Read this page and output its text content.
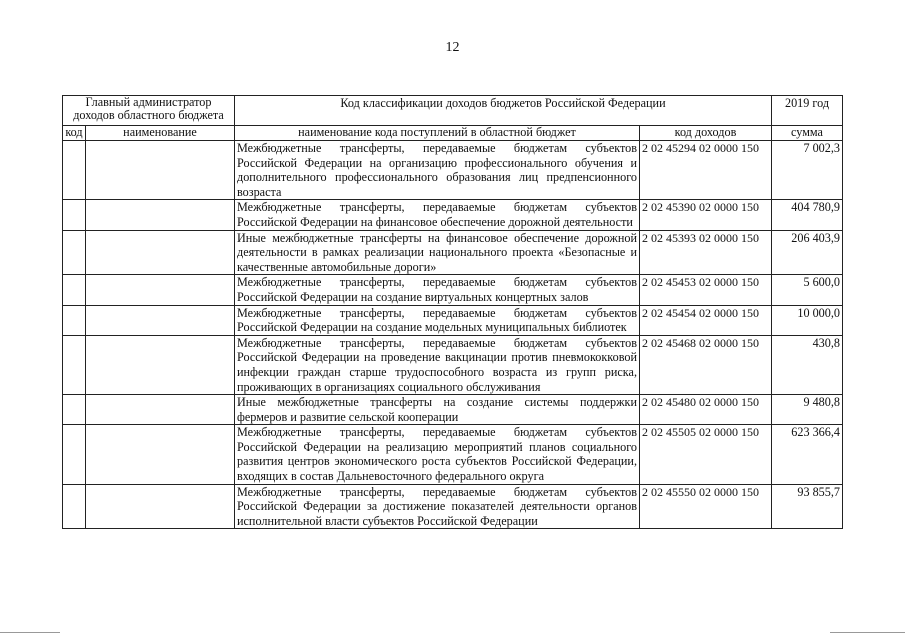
12
Главный администратор доходов областного бюджета		Код классификации доходов бюджетов Российской Федерации		2019 год
код	наименование	наименование кода поступлений в областной бюджет	код доходов	сумма
		Межбюджетные трансферты, передаваемые бюджетам субъектов Российской Федерации на организацию профессионального обучения и дополнительного профессионального образования лиц предпенсионного возраста	2 02 45294 02 0000 150	7 002,3
		Межбюджетные трансферты, передаваемые бюджетам субъектов Российской Федерации на финансовое обеспечение дорожной деятельности	2 02 45390 02 0000 150	404 780,9
		Иные межбюджетные трансферты на финансовое обеспечение дорожной деятельности в рамках реализации национального проекта «Безопасные и качественные автомобильные дороги»	2 02 45393 02 0000 150	206 403,9
		Межбюджетные трансферты, передаваемые бюджетам субъектов Российской Федерации на создание виртуальных концертных залов	2 02 45453 02 0000 150	5 600,0
		Межбюджетные трансферты, передаваемые бюджетам субъектов Российской Федерации на создание модельных муниципальных библиотек	2 02 45454 02 0000 150	10 000,0
		Межбюджетные трансферты, передаваемые бюджетам субъектов Российской Федерации на проведение вакцинации против пневмококковой инфекции граждан старше трудоспособного возраста из групп риска, проживающих в организациях социального обслуживания	2 02 45468 02 0000 150	430,8
		Иные межбюджетные трансферты на создание системы поддержки фермеров и развитие сельской кооперации	2 02 45480 02 0000 150	9 480,8
		Межбюджетные трансферты, передаваемые бюджетам субъектов Российской Федерации на реализацию мероприятий планов социального развития центров экономического роста субъектов Российской Федерации, входящих в состав Дальневосточного федерального округа	2 02 45505 02 0000 150	623 366,4
		Межбюджетные трансферты, передаваемые бюджетам субъектов Российской Федерации за достижение показателей деятельности органов исполнительной власти субъектов Российской Федерации	2 02 45550 02 0000 150	93 855,7
